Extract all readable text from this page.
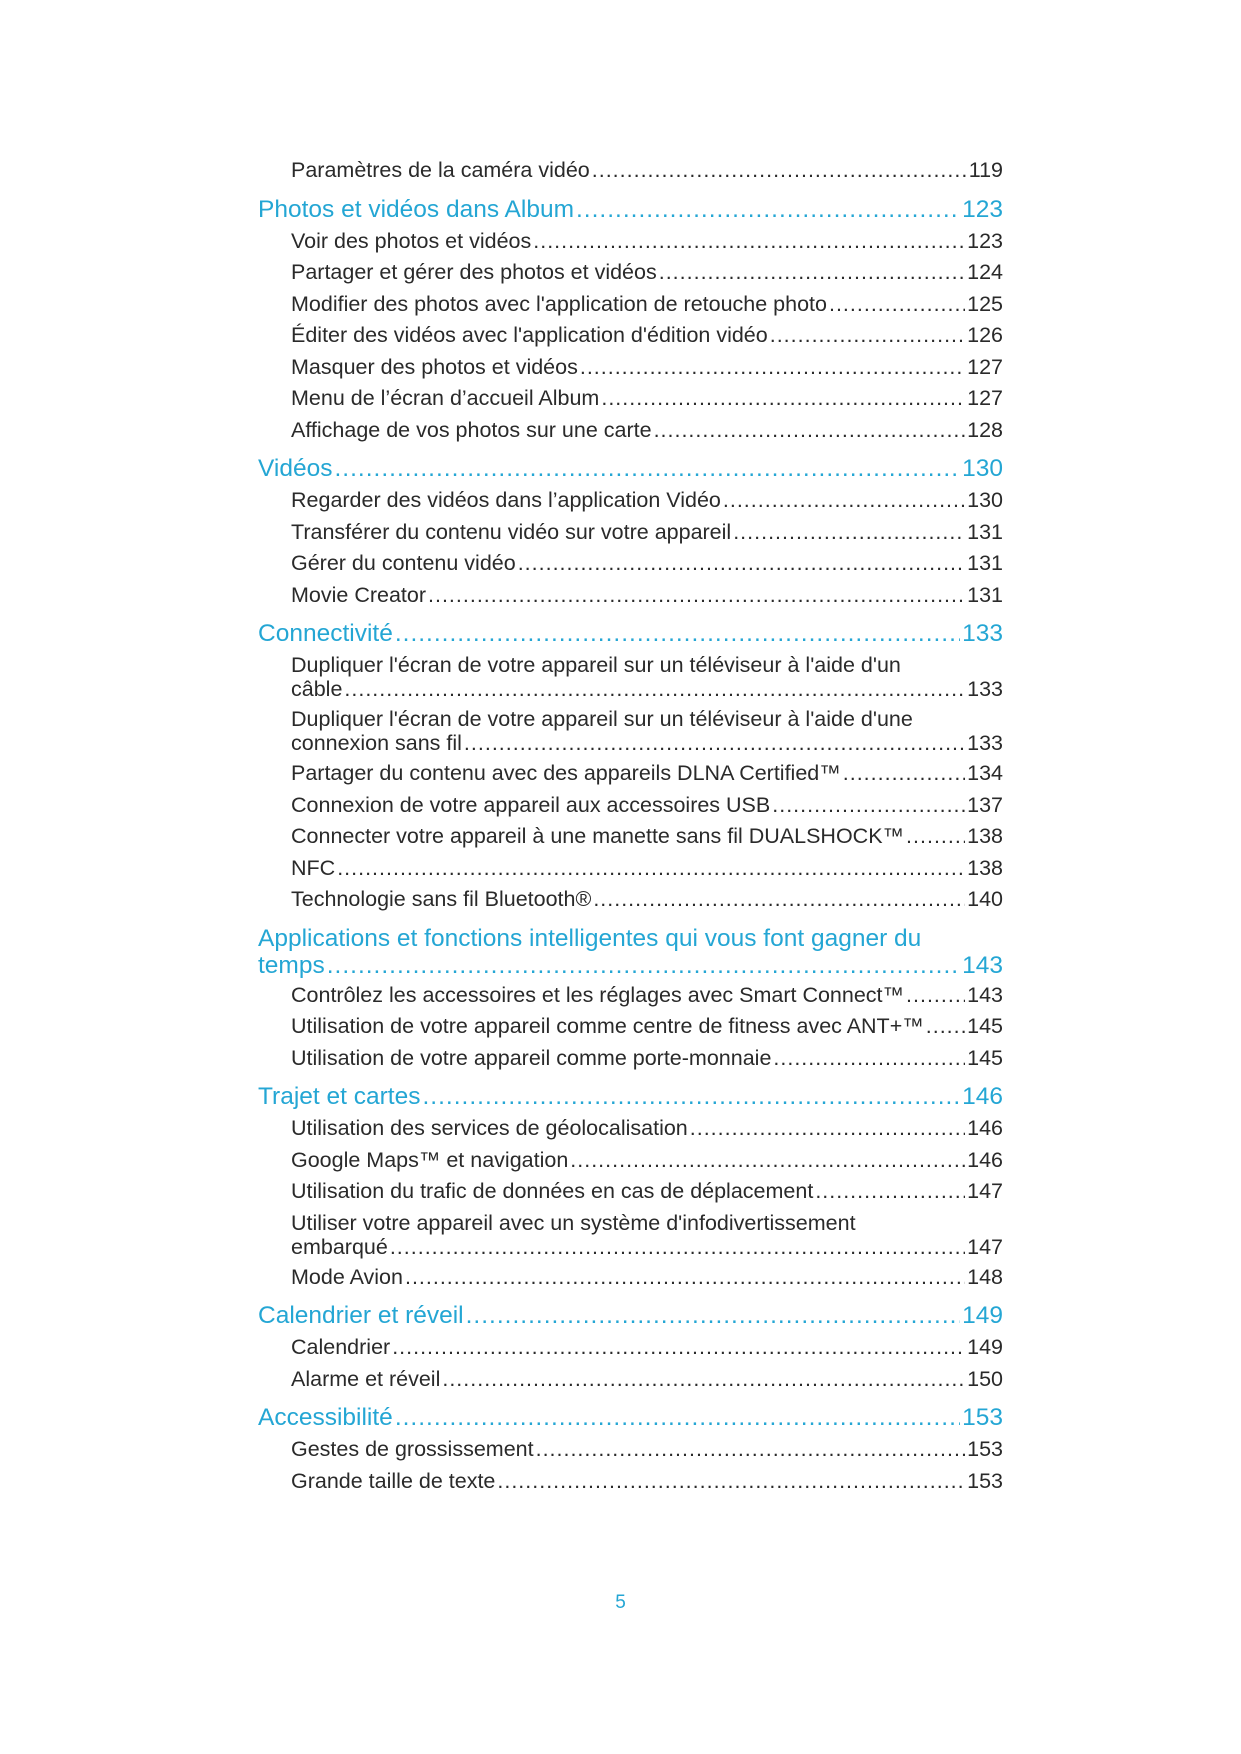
Paramètres de la caméra vidéo .....	119
Photos et vidéos dans Album .....	123
Voir des photos et vidéos .....	123
Partager et gérer des photos et vidéos .....	124
Modifier des photos avec l'application de retouche photo .....	125
Éditer des vidéos avec l'application d'édition vidéo .....	126
Masquer des photos et vidéos .....	127
Menu de l’écran d’accueil Album .....	127
Affichage de vos photos sur une carte .....	128
Vidéos .....	130
Regarder des vidéos dans l’application Vidéo .....	130
Transférer du contenu vidéo sur votre appareil .....	131
Gérer du contenu vidéo .....	131
Movie Creator .....	131
Connectivité .....	133
Dupliquer l'écran de votre appareil sur un téléviseur à l'aide d'un
câble .....	133
Dupliquer l'écran de votre appareil sur un téléviseur à l'aide d'une
connexion sans fil .....	133
Partager du contenu avec des appareils DLNA Certified™ .....	134
Connexion de votre appareil aux accessoires USB .....	137
Connecter votre appareil à une manette sans fil DUALSHOCK™ .....	138
NFC .....	138
Technologie sans fil Bluetooth® .....	140
Applications et fonctions intelligentes qui vous font gagner du
temps .....	143
Contrôlez les accessoires et les réglages avec Smart Connect™ .....	143
Utilisation de votre appareil comme centre de fitness avec ANT+™ ..... 145
Utilisation de votre appareil comme porte-monnaie .....	145
Trajet et cartes .....	146
Utilisation des services de géolocalisation .....	146
Google Maps™ et navigation .....	146
Utilisation du trafic de données en cas de déplacement .....	147
Utiliser votre appareil avec un système d'infodivertissement
embarqué .....	147
Mode Avion .....	148
Calendrier et réveil .....	149
Calendrier .....	149
Alarme et réveil .....	150
Accessibilité .....	153
Gestes de grossissement .....	153
Grande taille de texte .....	153
5
